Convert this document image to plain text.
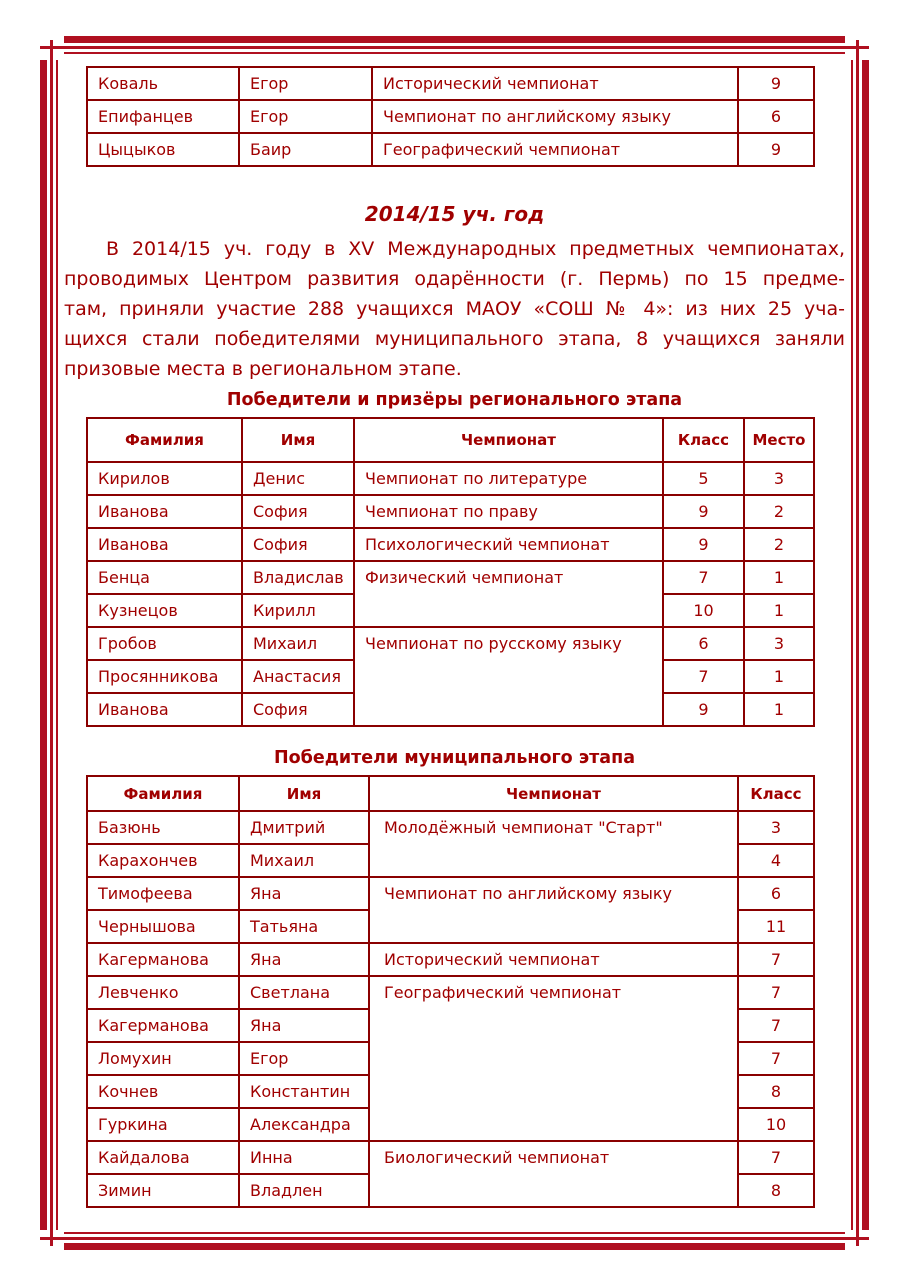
Коваль	Егор	Исторический чемпионат	9
Епифанцев	Егор	Чемпионат по английскому языку	6
Цыцыков	Баир	Географический чемпионат	9
2014/15 уч. год
В 2014/15 уч. году в XV Международных предметных чемпионатах,
проводимых Центром развития одарённости (г. Пермь) по 15 предме-
там, приняли участие 288 учащихся МАОУ «СОШ № 4»: из них 25 уча-
щихся стали победителями муниципального этапа, 8 учащихся заняли
призовые места в региональном этапе.
Победители и призёры регионального этапа
Фамилия	Имя	Чемпионат	Класс	Место
Кирилов	Денис	Чемпионат по литературе	5	3
Иванова	София	Чемпионат по праву	9	2
Иванова	София	Психологический чемпионат	9	2
Бенца	Владислав	Физический чемпионат	7	1
Кузнецов	Кирилл		10	1
Гробов	Михаил	Чемпионат по русскому языку	6	3
Просянникова	Анастасия		7	1
Иванова	София		9	1
Победители муниципального этапа
Фамилия	Имя	Чемпионат	Класс
Базюнь	Дмитрий	Молодёжный чемпионат "Старт"	3
Карахончев	Михаил		4
Тимофеева	Яна	Чемпионат по английскому языку	6
Чернышова	Татьяна		11
Кагерманова	Яна	Исторический чемпионат	7
Левченко	Светлана	Географический чемпионат	7
Кагерманова	Яна		7
Ломухин	Егор		7
Кочнев	Константин		8
Гуркина	Александра		10
Кайдалова	Инна	Биологический чемпионат	7
Зимин	Владлен		8
